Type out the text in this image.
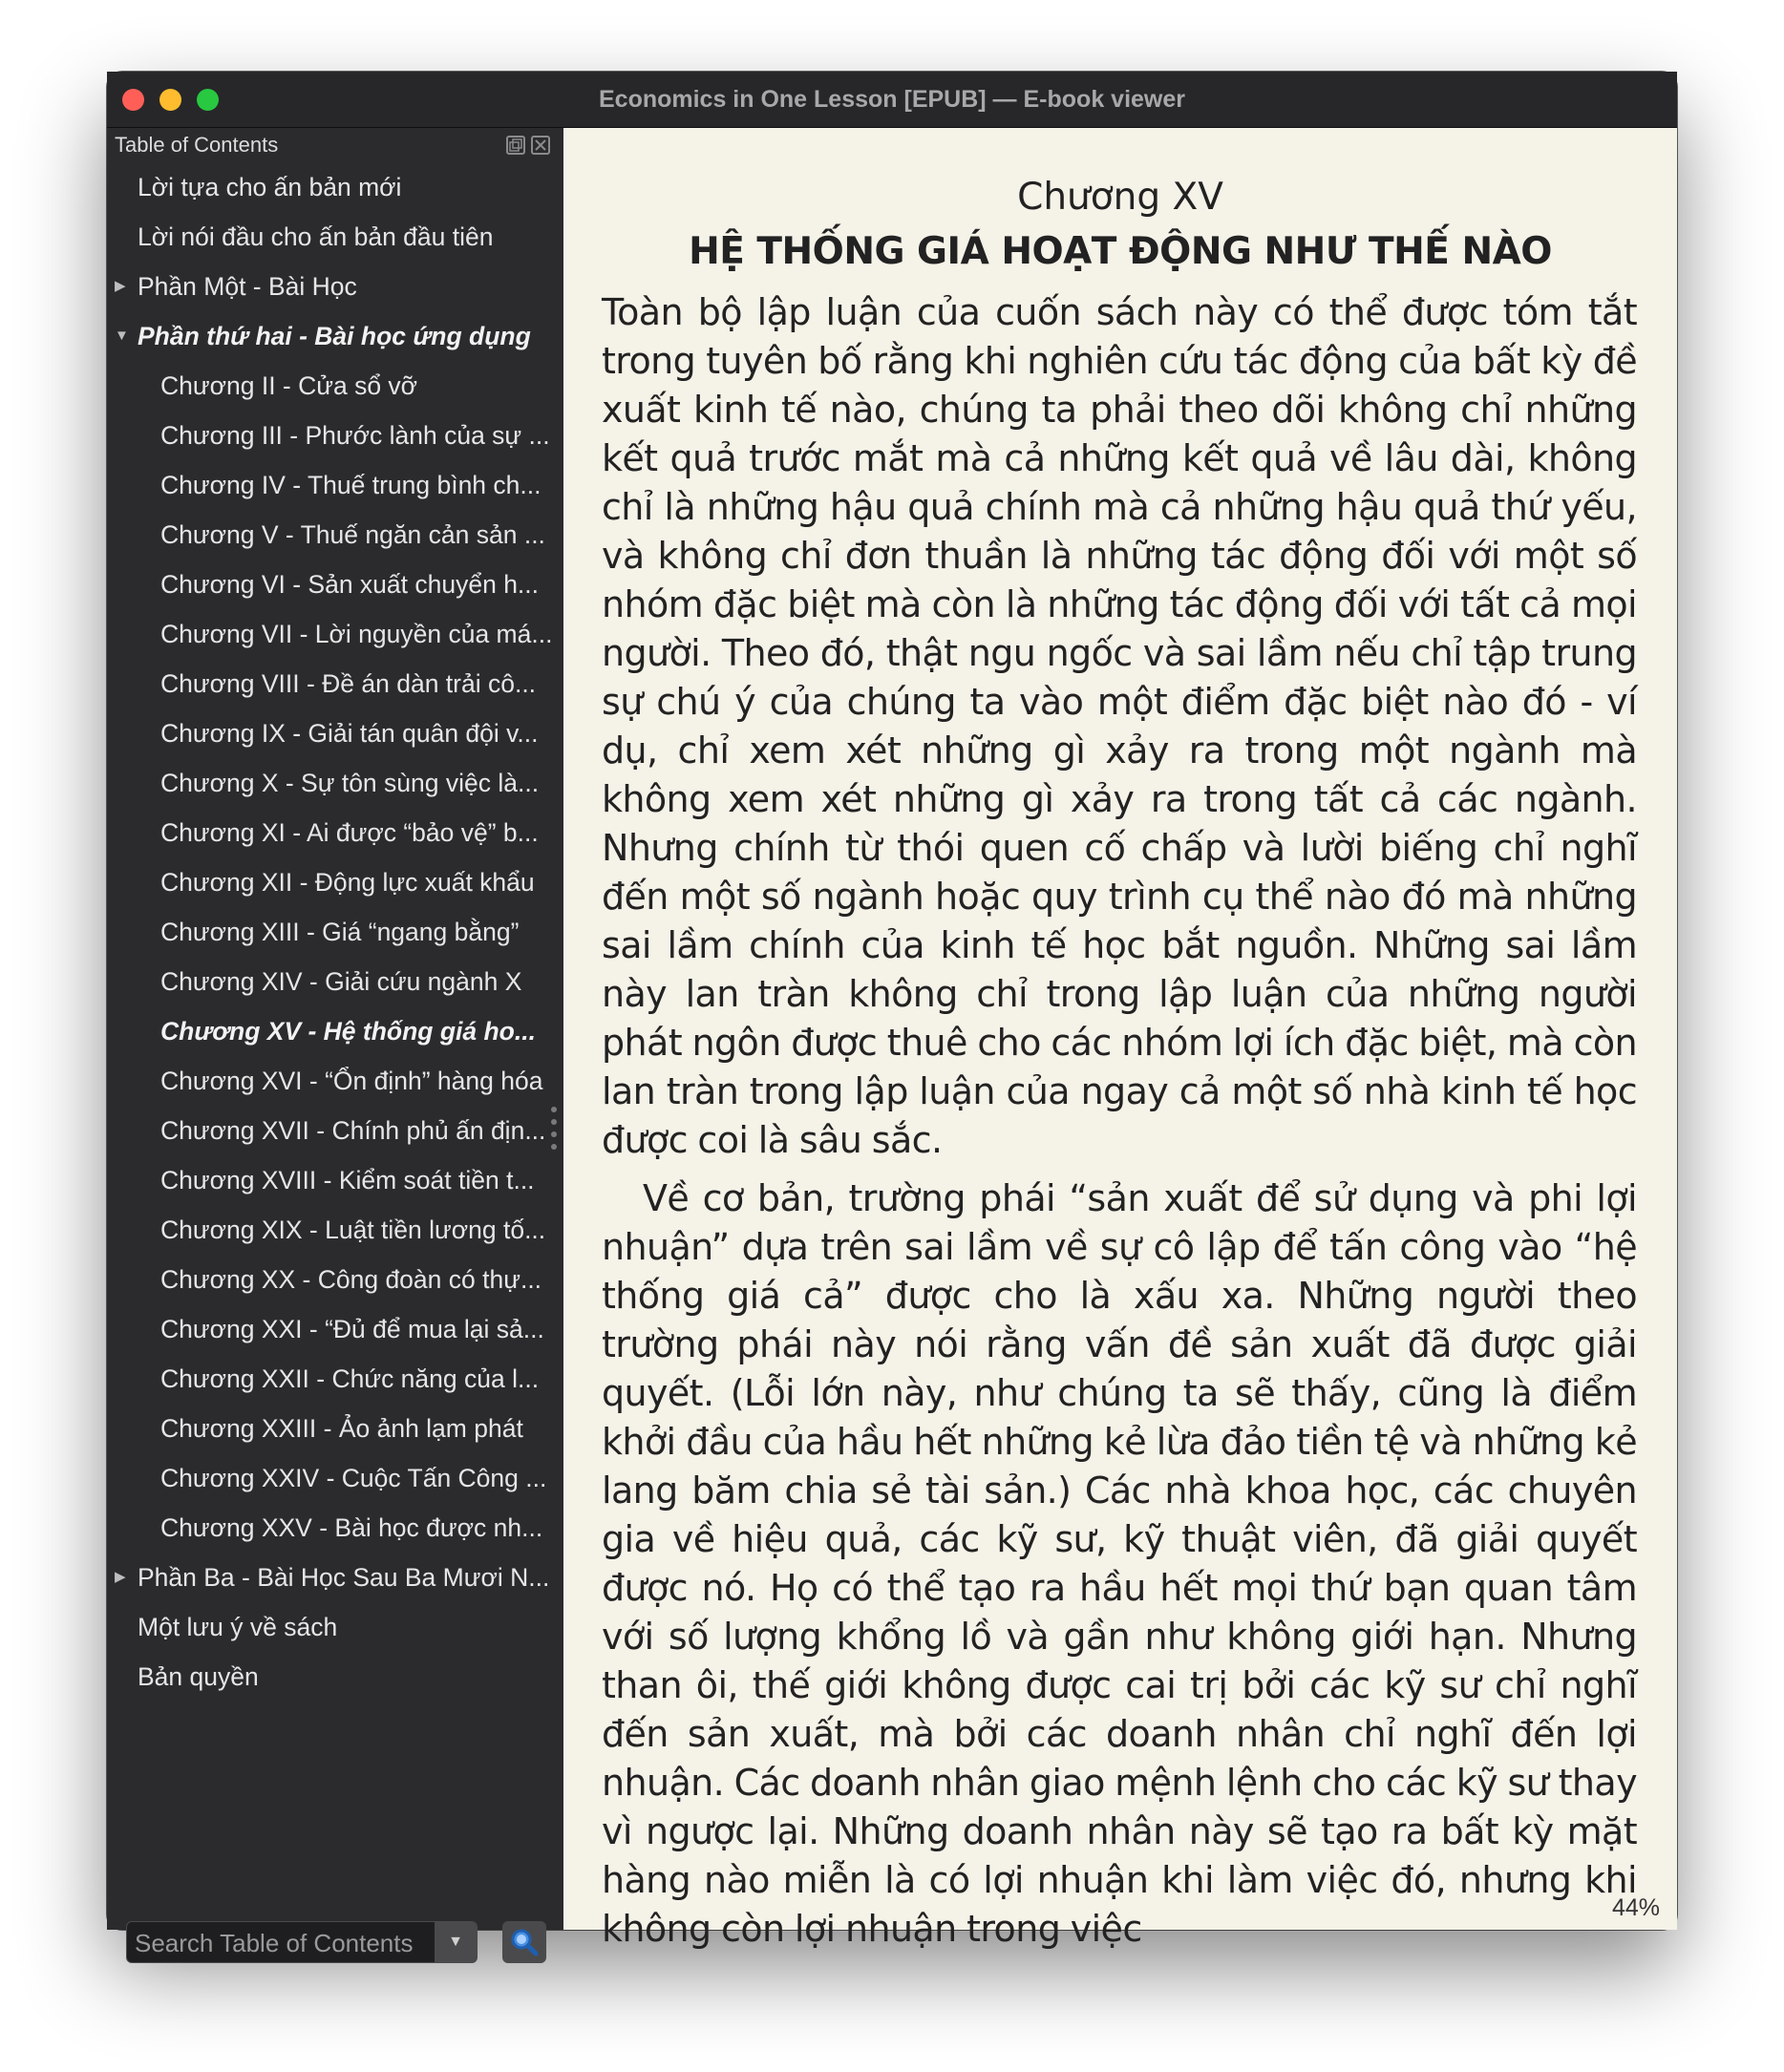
Economics in One Lesson [EPUB] — E-book viewer
Table of Contents
Lời tựa cho ấn bản mới
Lời nói đầu cho ấn bản đầu tiên
▶ Phần Một - Bài Học
▼ Phần thứ hai - Bài học ứng dụng
Chương II - Cửa sổ vỡ
Chương III - Phước lành của sự ...
Chương IV - Thuế trung bình ch...
Chương V - Thuế ngăn cản sản ...
Chương VI - Sản xuất chuyển h...
Chương VII - Lời nguyền của má...
Chương VIII - Đề án dàn trải cô...
Chương IX - Giải tán quân đội v...
Chương X - Sự tôn sùng việc là...
Chương XI - Ai được “bảo vệ” b...
Chương XII - Động lực xuất khẩu
Chương XIII - Giá “ngang bằng”
Chương XIV - Giải cứu ngành X
Chương XV - Hệ thống giá ho...
Chương XVI - “Ổn định” hàng hóa
Chương XVII - Chính phủ ấn địn...
Chương XVIII - Kiểm soát tiền t...
Chương XIX - Luật tiền lương tố...
Chương XX - Công đoàn có thự...
Chương XXI - “Đủ để mua lại sả...
Chương XXII - Chức năng của l...
Chương XXIII - Ảo ảnh lạm phát
Chương XXIV - Cuộc Tấn Công ...
Chương XXV - Bài học được nh...
▶ Phần Ba - Bài Học Sau Ba Mươi N...
Một lưu ý về sách
Bản quyền
Search Table of Contents
▼
Chương XV
HỆ THỐNG GIÁ HOẠT ĐỘNG NHƯ THẾ NÀO

Toàn bộ lập luận của cuốn sách này có thể được tóm tắt trong tuyên bố rằng khi nghiên cứu tác động của bất kỳ đề xuất kinh tế nào, chúng ta phải theo dõi không chỉ những kết quả trước mắt mà cả những kết quả về lâu dài, không chỉ là những hậu quả chính mà cả những hậu quả thứ yếu, và không chỉ đơn thuần là những tác động đối với một số nhóm đặc biệt mà còn là những tác động đối với tất cả mọi người. Theo đó, thật ngu ngốc và sai lầm nếu chỉ tập trung sự chú ý của chúng ta vào một điểm đặc biệt nào đó - ví dụ, chỉ xem xét những gì xảy ra trong một ngành mà không xem xét những gì xảy ra trong tất cả các ngành. Nhưng chính từ thói quen cố chấp và lười biếng chỉ nghĩ đến một số ngành hoặc quy trình cụ thể nào đó mà những sai lầm chính của kinh tế học bắt nguồn. Những sai lầm này lan tràn không chỉ trong lập luận của những người phát ngôn được thuê cho các nhóm lợi ích đặc biệt, mà còn lan tràn trong lập luận của ngay cả một số nhà kinh tế học được coi là sâu sắc.

Về cơ bản, trường phái “sản xuất để sử dụng và phi lợi nhuận” dựa trên sai lầm về sự cô lập để tấn công vào “hệ thống giá cả” được cho là xấu xa. Những người theo trường phái này nói rằng vấn đề sản xuất đã được giải quyết. (Lỗi lớn này, như chúng ta sẽ thấy, cũng là điểm khởi đầu của hầu hết những kẻ lừa đảo tiền tệ và những kẻ lang băm chia sẻ tài sản.) Các nhà khoa học, các chuyên gia về hiệu quả, các kỹ sư, kỹ thuật viên, đã giải quyết được nó. Họ có thể tạo ra hầu hết mọi thứ bạn quan tâm với số lượng khổng lồ và gần như không giới hạn. Nhưng than ôi, thế giới không được cai trị bởi các kỹ sư chỉ nghĩ đến sản xuất, mà bởi các doanh nhân chỉ nghĩ đến lợi nhuận. Các doanh nhân giao mệnh lệnh cho các kỹ sư thay vì ngược lại. Những doanh nhân này sẽ tạo ra bất kỳ mặt hàng nào miễn là có lợi nhuận khi làm việc đó, nhưng khi không còn lợi nhuận trong việc	44%
